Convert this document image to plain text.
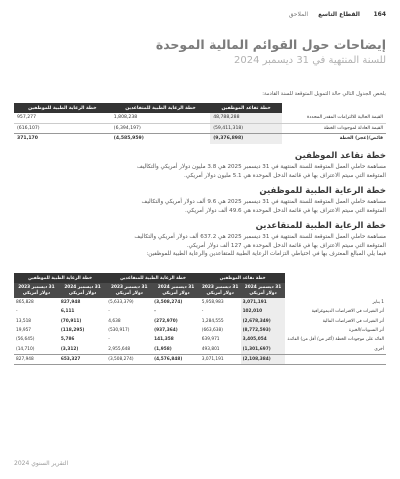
164
القطاع التاسع
الملاحق
إيضاحات حول القوائم المالية الموحدة
للسنة المنتهية في 31 ديسمبر 2024
يلخص الجدول التالي حالة التمويل المتوقعة للسنة القادمة:
	خطة تقاعد الموظفين	خطة الرعاية الطبية للمتقاعدين	خطة الرعاية الطبية للموظفين
القيمة الحالية للالتزامات المقدر المحددة	48,788,288	1,808,238	957,277
القيمة العادلة لموجودات الخطة	(59,411,318)	(6,394,197)	(616,107)
فائض/(عجز) الخطة	(9,376,898)	(4,585,959)	371,170
خطة تقاعد الموظفين
مساهمة حاملي العمل المتوقعة للسنة المنتهية في 31 ديسمبر 2025 هي 3.8 مليون دولار أمريكي والتكاليف
المتوقعة التي سيتم الاعتراف بها في قائمة الدخل الموحدة هي 5.1 مليون دولار أمريكي.
خطة الرعاية الطبية للموظفين
مساهمة حاملي العمل المتوقعة للسنة المنتهية في 31 ديسمبر 2025 هي 9.6 ألف دولار أمريكي والتكاليف
المتوقعة التي سيتم الاعتراف بها في قائمة الدخل الموحدة هي 49.6 ألف دولار أمريكي.
خطة الرعاية الطبية للمتقاعدين
مساهمة حاملي العمل المتوقعة للسنة المنتهية في 31 ديسمبر 2025 هي 637.2 ألف دولار أمريكي والتكاليف
المتوقعة التي سيتم الاعتراف بها في قائمة الدخل الموحدة هي 127 ألف دولار أمريكي.
فيما يلي المبالغ المعترف بها في احتياطي التزامات الرعاية الطبية للمتقاعدين والرعاية الطبية للموظفين:
	خطة تقاعد الموظفين		خطة الرعاية الطبية للمتقاعدين		خطة الرعاية الطبية للموظفين	
	31 ديسمبر 2024 دولار أمريكي	31 ديسمبر 2023 دولار أمريكي	31 ديسمبر 2024 دولار أمريكي	31 ديسمبر 2023 دولار أمريكي	31 ديسمبر 2024 دولار أمريكي	31 ديسمبر 2023 دولار أمريكي
1 يناير	3,071,191	5,958,983	(3,508,274)	(5,633,379)	827,948	865,828
أثر التغيرات في الافتراضات الديموغرافية	102,010	-	-	-	6,111	-
أثر التغيرات في الافتراضات المالية	(2,678,349)	1,284,555	(272,970)	4,638	(70,911)	13,518
أثر التسويات/الخبرة	(8,772,593)	(663,638)	(937,364)	(530,917)	(118,295)	19,957
العائد على موجودات الخطة (أكثر من/ أقل من) الفائدة	3,405,054	639,971	141,358	-	5,786	(56,645)
أخرى	(1,301,697)	493,801	(1,958)	2,955,648	(3,312)	(14,710)
	(2,108,384)	3,071,191	(4,576,848)	(3,508,274)	653,327	827,948
التقرير السنوي 2024
